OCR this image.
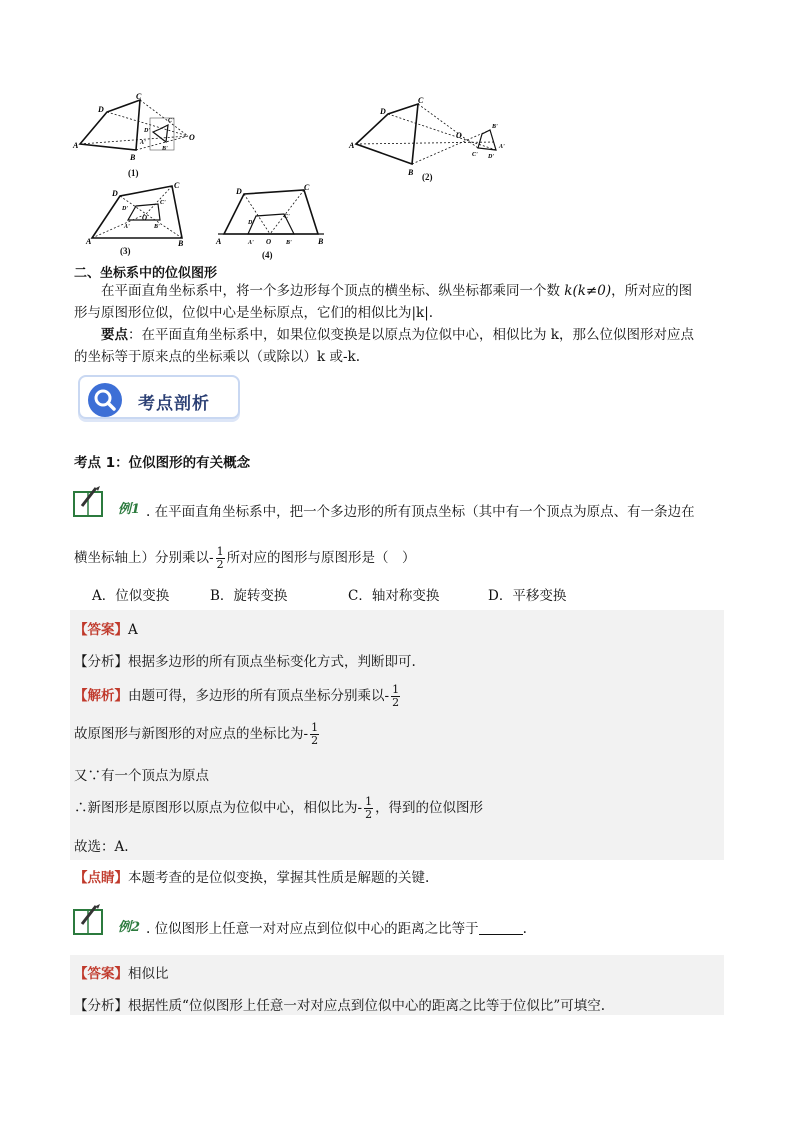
A
D
C
B
O
D'
C'
A'
B'
(1)
A
D
C
B
O
B'
A'
C' D'
(2)
A
D
C
B
O
D'
C'
A'	B'
(3)
A
D	C
B
O
D'
C'
A'	B'
(4)
二、坐标系中的位似图形
在平面直角坐标系中，将一个多边形每个顶点的横坐标、纵坐标都乘同一个数 k(k≠0)，所对应的图
形与原图形位似，位似中心是坐标原点，它们的相似比为|k|.
要点：在平面直角坐标系中，如果位似变换是以原点为位似中心，相似比为 k，那么位似图形对应点
的坐标等于原来点的坐标乘以（或除以）k 或-k.
考点剖析
考点 1：位似图形的有关概念
例1 . 在平面直角坐标系中，把一个多边形的所有顶点坐标（其中有一个顶点为原点、有一条边在
横坐标轴上）分别乘以- $\frac{1}{2}$ 所对应的图形与原图形是（　）
A．位似变换	B．旋转变换	C．轴对称变换	D．平移变换
【答案】A
【分析】根据多边形的所有顶点坐标变化方式，判断即可.
【解析】由题可得，多边形的所有顶点坐标分别乘以- $\frac{1}{2}$
故原图形与新图形的对应点的坐标比为- $\frac{1}{2}$
又∵有一个顶点为原点
∴新图形是原图形以原点为位似中心，相似比为- $\frac{1}{2}$ ，得到的位似图形
故选：A.
【点睛】本题考查的是位似变换，掌握其性质是解题的关键.
例2 . 位似图形上任意一对对应点到位似中心的距离之比等于	.
【答案】相似比
【分析】根据性质“位似图形上任意一对对应点到位似中心的距离之比等于位似比”可填空.
